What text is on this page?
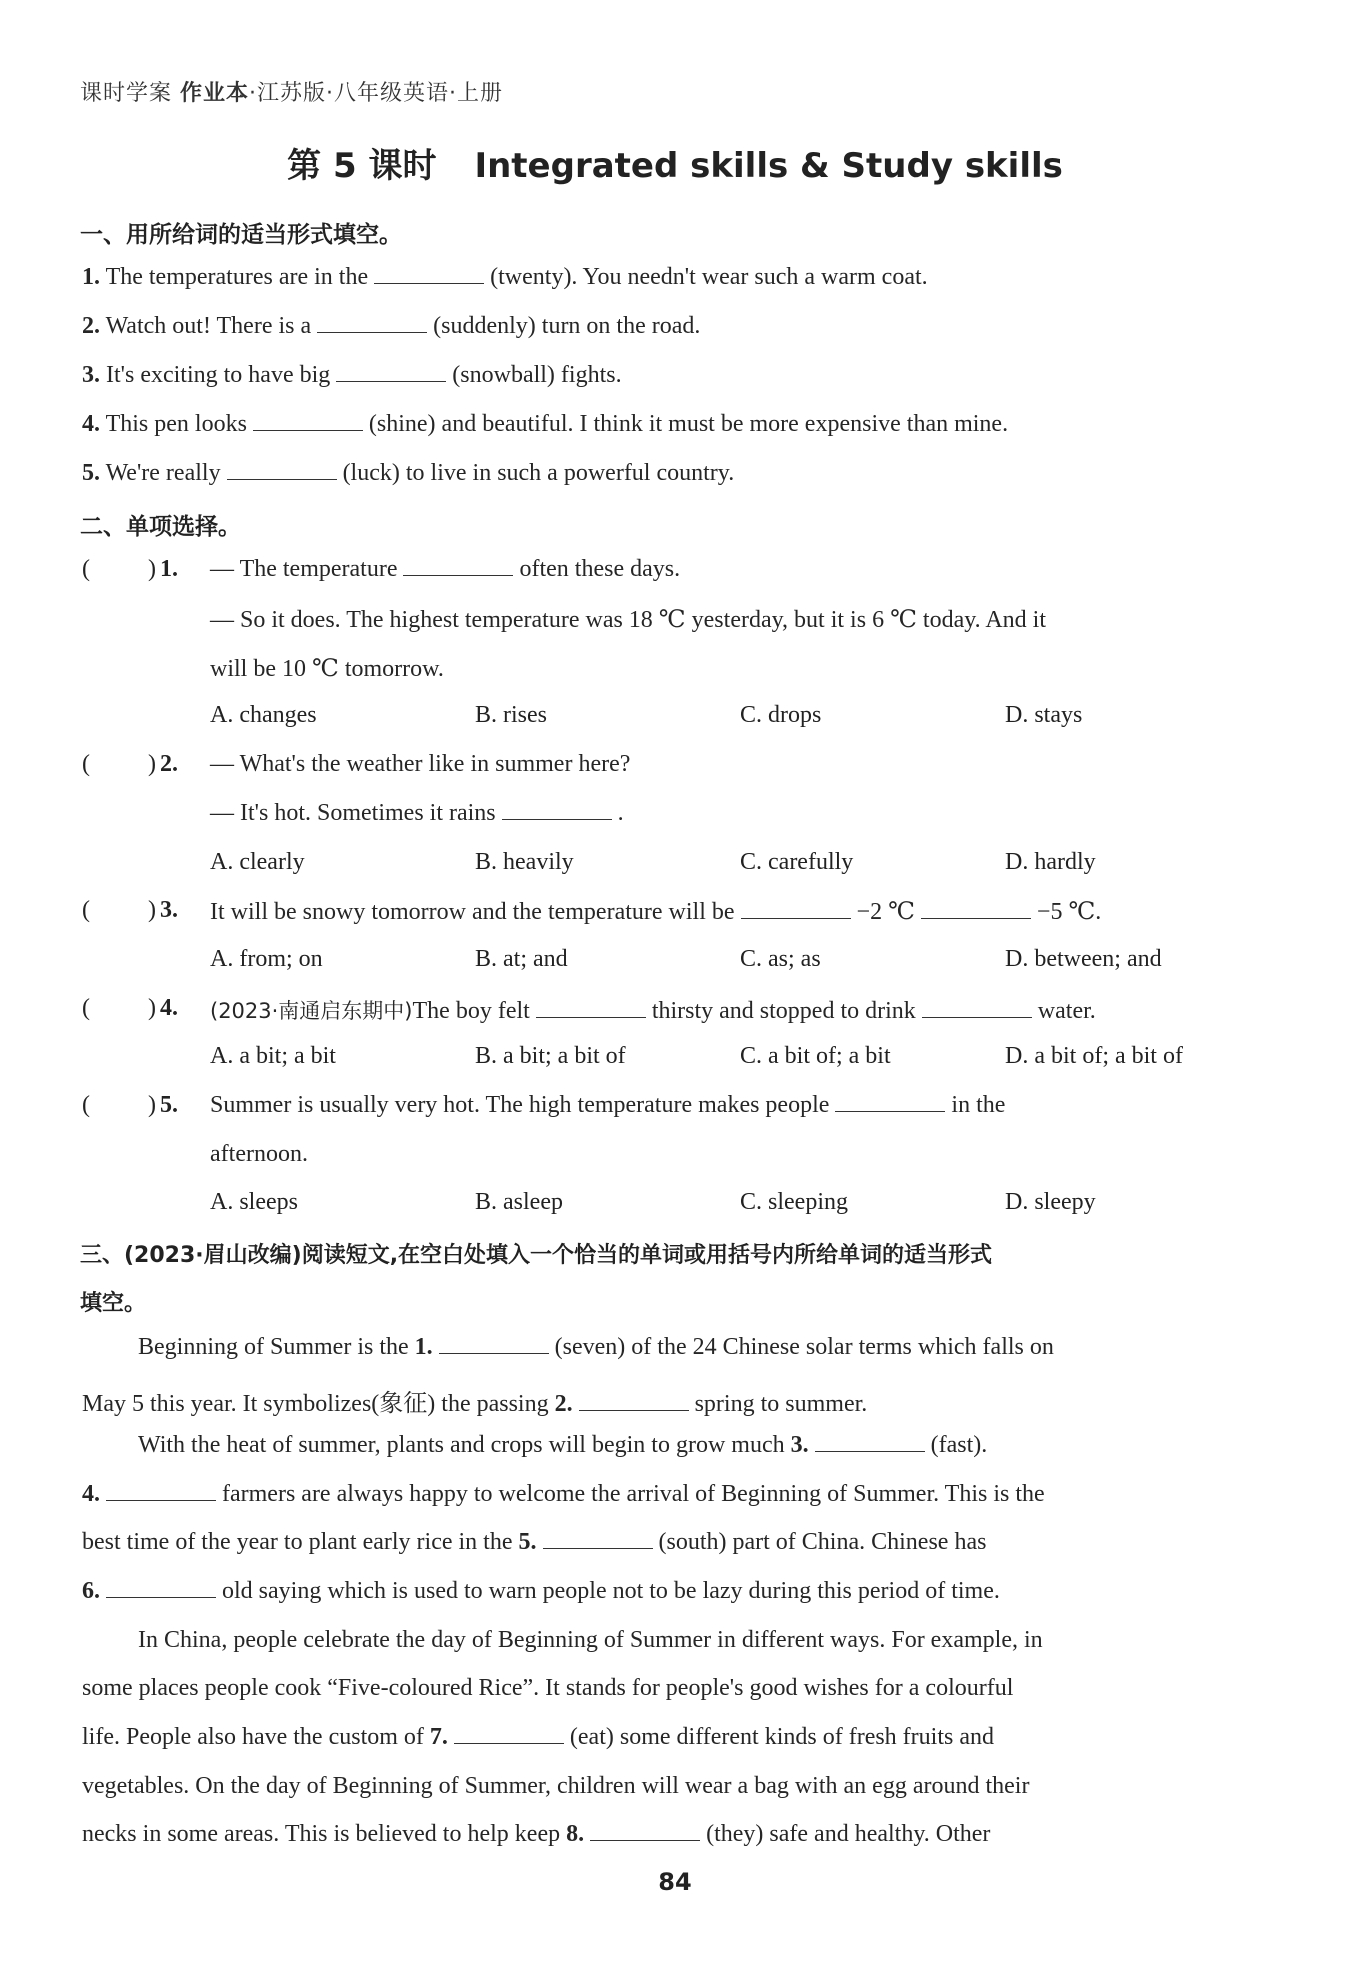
课时学案 作业本·江苏版·八年级英语·上册
第 5 课时 Integrated skills & Study skills
一、用所给词的适当形式填空。
1. The temperatures are in the	(twenty). You needn't wear such a warm coat.
2. Watch out! There is a	(suddenly) turn on the road.
3. It's exciting to have big	(snowball) fights.
4. This pen looks	(shine) and beautiful. I think it must be more expensive than mine.
5. We're really	(luck) to live in such a powerful country.
二、单项选择。
( ) 1. — The temperature	often these days.
— So it does. The highest temperature was 18 ℃ yesterday, but it is 6 ℃ today. And it
will be 10 ℃ tomorrow.
A. changes	B. rises	C. drops	D. stays
( ) 2. — What's the weather like in summer here?
— It's hot. Sometimes it rains	.
A. clearly	B. heavily	C. carefully	D. hardly
( ) 3. It will be snowy tomorrow and the temperature will be	−2 ℃	−5 ℃.
A. from; on	B. at; and	C. as; as	D. between; and
( ) 4. (2023·南通启东期中)The boy felt	thirsty and stopped to drink	water.
A. a bit; a bit	B. a bit; a bit of	C. a bit of; a bit	D. a bit of; a bit of
( ) 5. Summer is usually very hot. The high temperature makes people	in the
afternoon.
A. sleeps	B. asleep	C. sleeping	D. sleepy
三、(2023·眉山改编)阅读短文,在空白处填入一个恰当的单词或用括号内所给单词的适当形式
填空。
Beginning of Summer is the 1.	(seven) of the 24 Chinese solar terms which falls on
May 5 this year. It symbolizes(象征) the passing 2.	spring to summer.
With the heat of summer, plants and crops will begin to grow much 3.	(fast).
4.	farmers are always happy to welcome the arrival of Beginning of Summer. This is the
best time of the year to plant early rice in the 5.	(south) part of China. Chinese has
6.	old saying which is used to warn people not to be lazy during this period of time.
In China, people celebrate the day of Beginning of Summer in different ways. For example, in
some places people cook “Five-coloured Rice”. It stands for people's good wishes for a colourful
life. People also have the custom of 7.	(eat) some different kinds of fresh fruits and
vegetables. On the day of Beginning of Summer, children will wear a bag with an egg around their
necks in some areas. This is believed to help keep 8.	(they) safe and healthy. Other
84
